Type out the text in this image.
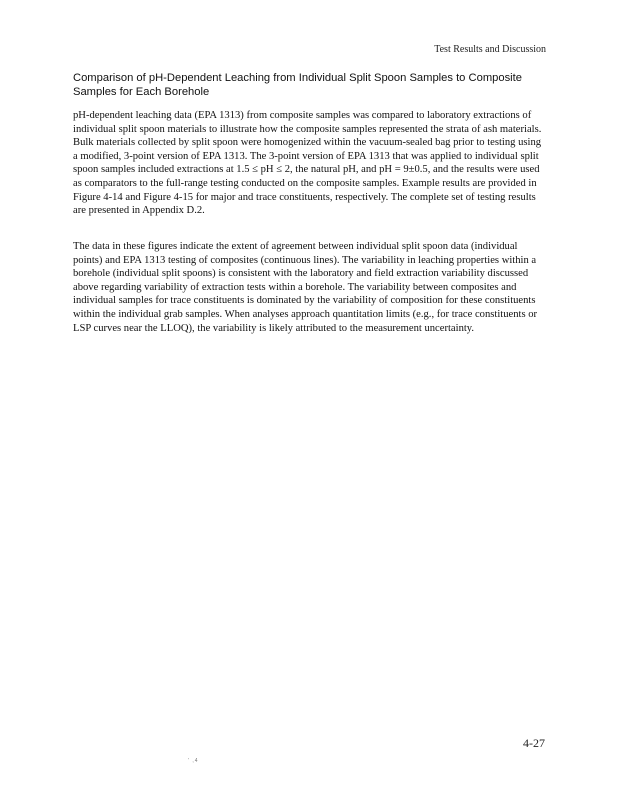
Test Results and Discussion
Comparison of pH-Dependent Leaching from Individual Split Spoon Samples to Composite Samples for Each Borehole

pH-dependent leaching data (EPA 1313) from composite samples was compared to laboratory extractions of individual split spoon materials to illustrate how the composite samples represented the strata of ash materials. Bulk materials collected by split spoon were homogenized within the vacuum-sealed bag prior to testing using a modified, 3-point version of EPA 1313. The 3-point version of EPA 1313 that was applied to individual split spoon samples included extractions at 1.5 ≤ pH ≤ 2, the natural pH, and pH = 9±0.5, and the results were used as comparators to the full-range testing conducted on the composite samples. Example results are provided in Figure 4-14 and Figure 4-15 for major and trace constituents, respectively. The complete set of testing results are presented in Appendix D.2.

The data in these figures indicate the extent of agreement between individual split spoon data (individual points) and EPA 1313 testing of composites (continuous lines). The variability in leaching properties within a borehole (individual split spoons) is consistent with the laboratory and field extraction variability discussed above regarding variability of extraction tests within a borehole. The variability between composites and individual samples for trace constituents is dominated by the variability of composition for these constituents within the individual grab samples. When analyses approach quantitation limits (e.g., for trace constituents or LSP curves near the LLOQ), the variability is likely attributed to the measurement uncertainty.

4-27
' ,4
